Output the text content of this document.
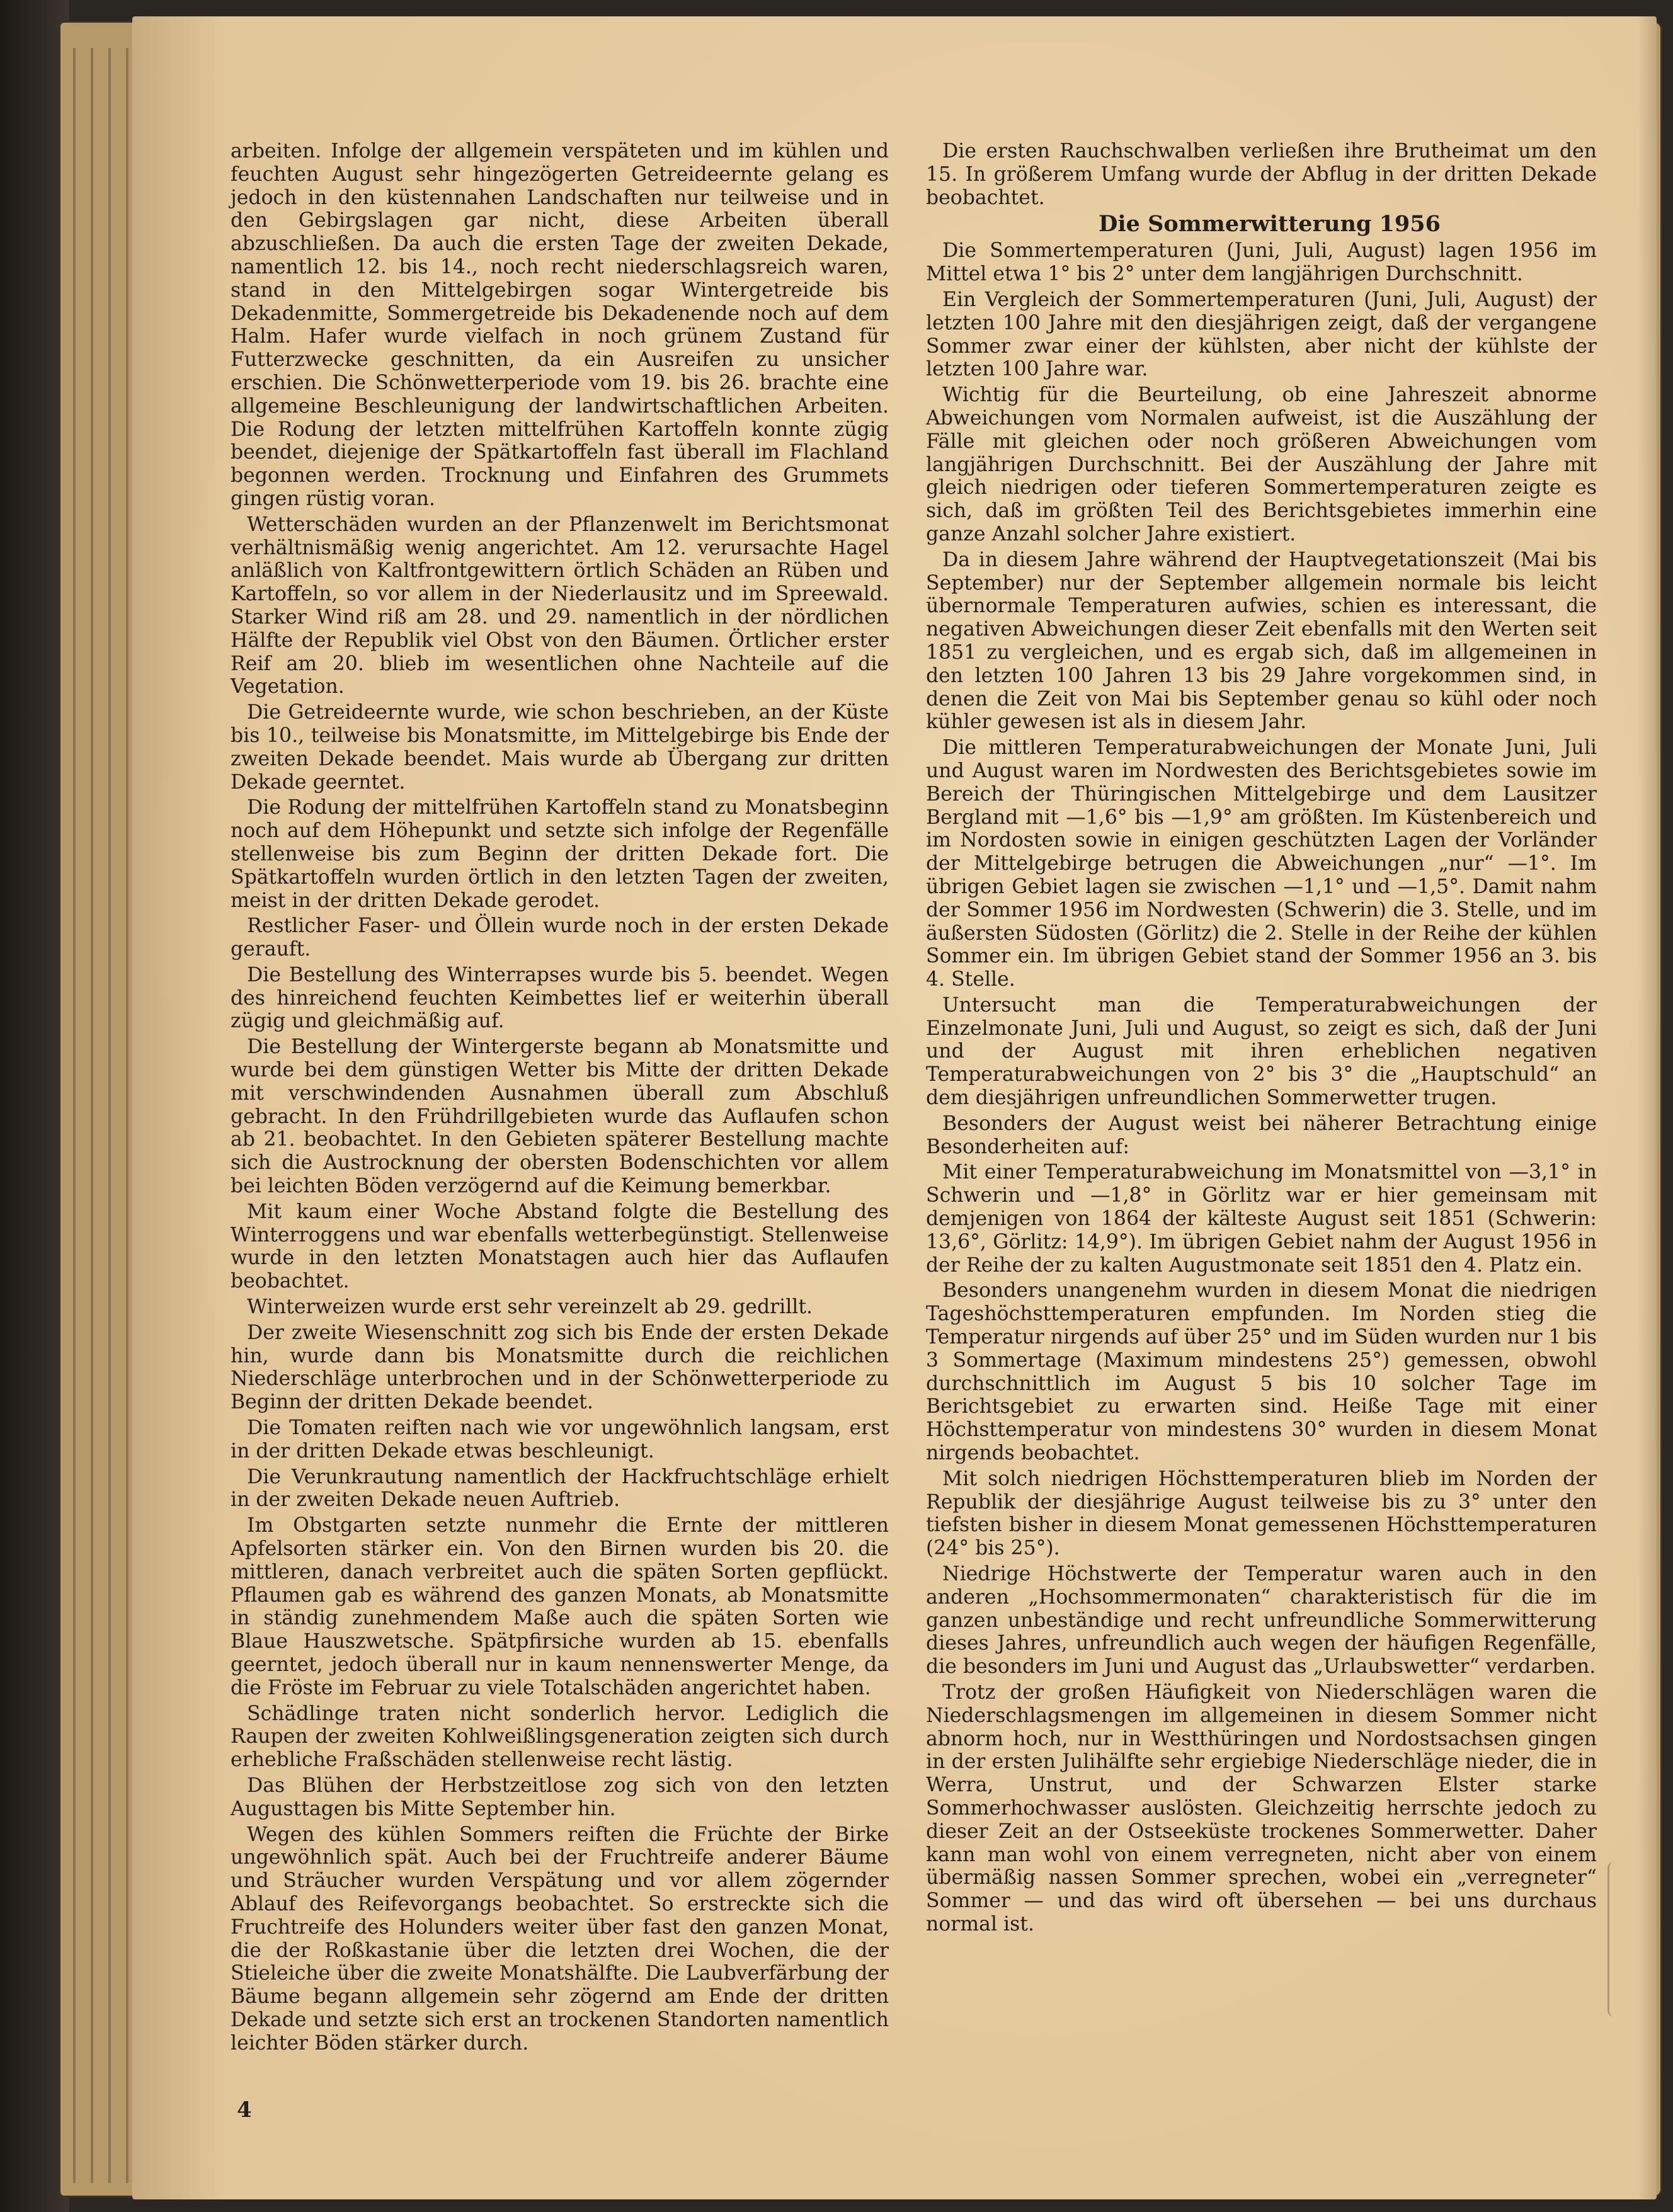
arbeiten. Infolge der allgemein verspäteten und im kühlen und feuchten August sehr hingezögerten Getreideernte gelang es jedoch in den küstennahen Landschaften nur teilweise und in den Gebirgslagen gar nicht, diese Arbeiten überall abzuschließen. Da auch die ersten Tage der zweiten Dekade, namentlich 12. bis 14., noch recht niederschlagsreich waren, stand in den Mittelgebirgen sogar Wintergetreide bis Dekadenmitte, Sommergetreide bis Dekadenende noch auf dem Halm. Hafer wurde vielfach in noch grünem Zustand für Futterzwecke geschnitten, da ein Ausreifen zu unsicher erschien. Die Schönwetterperiode vom 19. bis 26. brachte eine allgemeine Beschleunigung der landwirtschaftlichen Arbeiten. Die Rodung der letzten mittelfrühen Kartoffeln konnte zügig beendet, diejenige der Spätkartoffeln fast überall im Flachland begonnen werden. Trocknung und Einfahren des Grummets gingen rüstig voran.

Wetterschäden wurden an der Pflanzenwelt im Berichtsmonat verhältnismäßig wenig angerichtet. Am 12. verursachte Hagel anläßlich von Kaltfrontgewittern örtlich Schäden an Rüben und Kartoffeln, so vor allem in der Niederlausitz und im Spreewald. Starker Wind riß am 28. und 29. namentlich in der nördlichen Hälfte der Republik viel Obst von den Bäumen. Örtlicher erster Reif am 20. blieb im wesentlichen ohne Nachteile auf die Vegetation.

Die Getreideernte wurde, wie schon beschrieben, an der Küste bis 10., teilweise bis Monatsmitte, im Mittelgebirge bis Ende der zweiten Dekade beendet. Mais wurde ab Übergang zur dritten Dekade geerntet.

Die Rodung der mittelfrühen Kartoffeln stand zu Monatsbeginn noch auf dem Höhepunkt und setzte sich infolge der Regenfälle stellenweise bis zum Beginn der dritten Dekade fort. Die Spätkartoffeln wurden örtlich in den letzten Tagen der zweiten, meist in der dritten Dekade gerodet.

Restlicher Faser- und Öllein wurde noch in der ersten Dekade gerauft.

Die Bestellung des Winterrapses wurde bis 5. beendet. Wegen des hinreichend feuchten Keimbettes lief er weiterhin überall zügig und gleichmäßig auf.

Die Bestellung der Wintergerste begann ab Monatsmitte und wurde bei dem günstigen Wetter bis Mitte der dritten Dekade mit verschwindenden Ausnahmen überall zum Abschluß gebracht. In den Frühdrillgebieten wurde das Auflaufen schon ab 21. beobachtet. In den Gebieten späterer Bestellung machte sich die Austrocknung der obersten Bodenschichten vor allem bei leichten Böden verzögernd auf die Keimung bemerkbar.

Mit kaum einer Woche Abstand folgte die Bestellung des Winterroggens und war ebenfalls wetterbegünstigt. Stellenweise wurde in den letzten Monatstagen auch hier das Auflaufen beobachtet.

Winterweizen wurde erst sehr vereinzelt ab 29. gedrillt.

Der zweite Wiesenschnitt zog sich bis Ende der ersten Dekade hin, wurde dann bis Monatsmitte durch die reichlichen Niederschläge unterbrochen und in der Schönwetterperiode zu Beginn der dritten Dekade beendet.

Die Tomaten reiften nach wie vor ungewöhnlich langsam, erst in der dritten Dekade etwas beschleunigt.

Die Verunkrautung namentlich der Hackfruchtschläge erhielt in der zweiten Dekade neuen Auftrieb.

Im Obstgarten setzte nunmehr die Ernte der mittleren Apfelsorten stärker ein. Von den Birnen wurden bis 20. die mittleren, danach verbreitet auch die späten Sorten gepflückt. Pflaumen gab es während des ganzen Monats, ab Monatsmitte in ständig zunehmendem Maße auch die späten Sorten wie Blaue Hauszwetsche. Spätpfirsiche wurden ab 15. ebenfalls geerntet, jedoch überall nur in kaum nennenswerter Menge, da die Fröste im Februar zu viele Totalschäden angerichtet haben.

Schädlinge traten nicht sonderlich hervor. Lediglich die Raupen der zweiten Kohlweißlingsgeneration zeigten sich durch erhebliche Fraßschäden stellenweise recht lästig.

Das Blühen der Herbstzeitlose zog sich von den letzten Augusttagen bis Mitte September hin.

Wegen des kühlen Sommers reiften die Früchte der Birke ungewöhnlich spät. Auch bei der Fruchtreife anderer Bäume und Sträucher wurden Verspätung und vor allem zögernder Ablauf des Reifevorgangs beobachtet. So erstreckte sich die Fruchtreife des Holunders weiter über fast den ganzen Monat, die der Roßkastanie über die letzten drei Wochen, die der Stieleiche über die zweite Monatshälfte. Die Laubverfärbung der Bäume begann allgemein sehr zögernd am Ende der dritten Dekade und setzte sich erst an trockenen Standorten namentlich leichter Böden stärker durch.

Die ersten Rauchschwalben verließen ihre Brutheimat um den 15. In größerem Umfang wurde der Abflug in der dritten Dekade beobachtet.

Die Sommerwitterung 1956

Die Sommertemperaturen (Juni, Juli, August) lagen 1956 im Mittel etwa 1° bis 2° unter dem langjährigen Durchschnitt.

Ein Vergleich der Sommertemperaturen (Juni, Juli, August) der letzten 100 Jahre mit den diesjährigen zeigt, daß der vergangene Sommer zwar einer der kühlsten, aber nicht der kühlste der letzten 100 Jahre war.

Wichtig für die Beurteilung, ob eine Jahreszeit abnorme Abweichungen vom Normalen aufweist, ist die Auszählung der Fälle mit gleichen oder noch größeren Abweichungen vom langjährigen Durchschnitt. Bei der Auszählung der Jahre mit gleich niedrigen oder tieferen Sommertemperaturen zeigte es sich, daß im größten Teil des Berichtsgebietes immerhin eine ganze Anzahl solcher Jahre existiert.

Da in diesem Jahre während der Hauptvegetationszeit (Mai bis September) nur der September allgemein normale bis leicht übernormale Temperaturen aufwies, schien es interessant, die negativen Abweichungen dieser Zeit ebenfalls mit den Werten seit 1851 zu vergleichen, und es ergab sich, daß im allgemeinen in den letzten 100 Jahren 13 bis 29 Jahre vorgekommen sind, in denen die Zeit von Mai bis September genau so kühl oder noch kühler gewesen ist als in diesem Jahr.

Die mittleren Temperaturabweichungen der Monate Juni, Juli und August waren im Nordwesten des Berichtsgebietes sowie im Bereich der Thüringischen Mittelgebirge und dem Lausitzer Bergland mit —1,6° bis —1,9° am größten. Im Küstenbereich und im Nordosten sowie in einigen geschützten Lagen der Vorländer der Mittelgebirge betrugen die Abweichungen „nur“ —1°. Im übrigen Gebiet lagen sie zwischen —1,1° und —1,5°. Damit nahm der Sommer 1956 im Nordwesten (Schwerin) die 3. Stelle, und im äußersten Südosten (Görlitz) die 2. Stelle in der Reihe der kühlen Sommer ein. Im übrigen Gebiet stand der Sommer 1956 an 3. bis 4. Stelle.

Untersucht man die Temperaturabweichungen der Einzelmonate Juni, Juli und August, so zeigt es sich, daß der Juni und der August mit ihren erheblichen negativen Temperaturabweichungen von 2° bis 3° die „Hauptschuld“ an dem diesjährigen unfreundlichen Sommerwetter trugen.

Besonders der August weist bei näherer Betrachtung einige Besonderheiten auf:

Mit einer Temperaturabweichung im Monatsmittel von —3,1° in Schwerin und —1,8° in Görlitz war er hier gemeinsam mit demjenigen von 1864 der kälteste August seit 1851 (Schwerin: 13,6°, Görlitz: 14,9°). Im übrigen Gebiet nahm der August 1956 in der Reihe der zu kalten Augustmonate seit 1851 den 4. Platz ein.

Besonders unangenehm wurden in diesem Monat die niedrigen Tageshöchsttemperaturen empfunden. Im Norden stieg die Temperatur nirgends auf über 25° und im Süden wurden nur 1 bis 3 Sommertage (Maximum mindestens 25°) gemessen, obwohl durchschnittlich im August 5 bis 10 solcher Tage im Berichtsgebiet zu erwarten sind. Heiße Tage mit einer Höchsttemperatur von mindestens 30° wurden in diesem Monat nirgends beobachtet.

Mit solch niedrigen Höchsttemperaturen blieb im Norden der Republik der diesjährige August teilweise bis zu 3° unter den tiefsten bisher in diesem Monat gemessenen Höchsttemperaturen (24° bis 25°).

Niedrige Höchstwerte der Temperatur waren auch in den anderen „Hochsommermonaten“ charakteristisch für die im ganzen unbeständige und recht unfreundliche Sommerwitterung dieses Jahres, unfreundlich auch wegen der häufigen Regenfälle, die besonders im Juni und August das „Urlaubswetter“ verdarben.

Trotz der großen Häufigkeit von Niederschlägen waren die Niederschlagsmengen im allgemeinen in diesem Sommer nicht abnorm hoch, nur in Westthüringen und Nordostsachsen gingen in der ersten Julihälfte sehr ergiebige Niederschläge nieder, die in Werra, Unstrut, und der Schwarzen Elster starke Sommerhochwasser auslösten. Gleichzeitig herrschte jedoch zu dieser Zeit an der Ostseeküste trockenes Sommerwetter. Daher kann man wohl von einem verregneten, nicht aber von einem übermäßig nassen Sommer sprechen, wobei ein „verregneter“ Sommer — und das wird oft übersehen — bei uns durchaus normal ist.

4
